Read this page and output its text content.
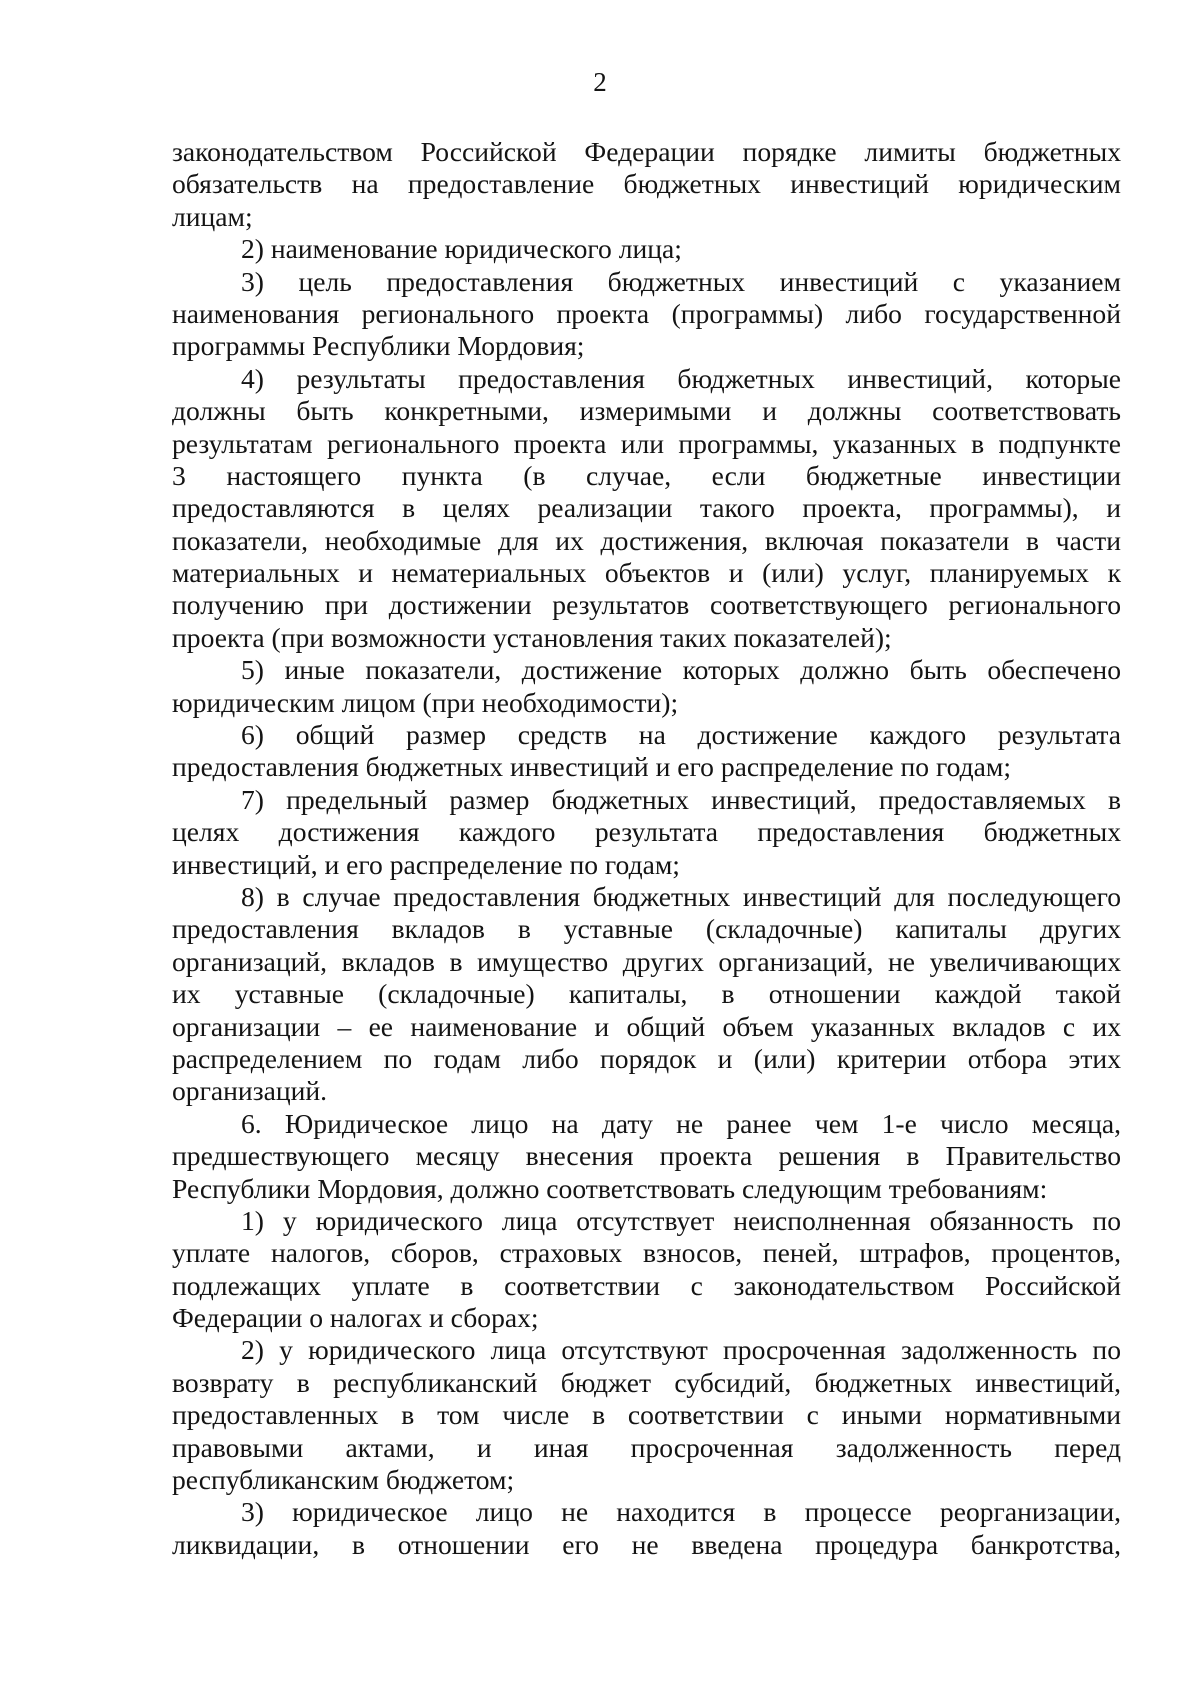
2
законодательством Российской Федерации порядке лимиты бюджетных
обязательств на предоставление бюджетных инвестиций юридическим
лицам;
2) наименование юридического лица;
3) цель предоставления бюджетных инвестиций с указанием
наименования регионального проекта (программы) либо государственной
программы Республики Мордовия;
4) результаты предоставления бюджетных инвестиций, которые
должны быть конкретными, измеримыми и должны соответствовать
результатам регионального проекта или программы, указанных в подпункте
3 настоящего пункта (в случае, если бюджетные инвестиции
предоставляются в целях реализации такого проекта, программы), и
показатели, необходимые для их достижения, включая показатели в части
материальных и нематериальных объектов и (или) услуг, планируемых к
получению при достижении результатов соответствующего регионального
проекта (при возможности установления таких показателей);
5) иные показатели, достижение которых должно быть обеспечено
юридическим лицом (при необходимости);
6) общий размер средств на достижение каждого результата
предоставления бюджетных инвестиций и его распределение по годам;
7) предельный размер бюджетных инвестиций, предоставляемых в
целях достижения каждого результата предоставления бюджетных
инвестиций, и его распределение по годам;
8) в случае предоставления бюджетных инвестиций для последующего
предоставления вкладов в уставные (складочные) капиталы других
организаций, вкладов в имущество других организаций, не увеличивающих
их уставные (складочные) капиталы, в отношении каждой такой
организации – ее наименование и общий объем указанных вкладов с их
распределением по годам либо порядок и (или) критерии отбора этих
организаций.
6. Юридическое лицо на дату не ранее чем 1-е число месяца,
предшествующего месяцу внесения проекта решения в Правительство
Республики Мордовия, должно соответствовать следующим требованиям:
1) у юридического лица отсутствует неисполненная обязанность по
уплате налогов, сборов, страховых взносов, пеней, штрафов, процентов,
подлежащих уплате в соответствии с законодательством Российской
Федерации о налогах и сборах;
2) у юридического лица отсутствуют просроченная задолженность по
возврату в республиканский бюджет субсидий, бюджетных инвестиций,
предоставленных в том числе в соответствии с иными нормативными
правовыми актами, и иная просроченная задолженность перед
республиканским бюджетом;
3) юридическое лицо не находится в процессе реорганизации,
ликвидации, в отношении его не введена процедура банкротства,
